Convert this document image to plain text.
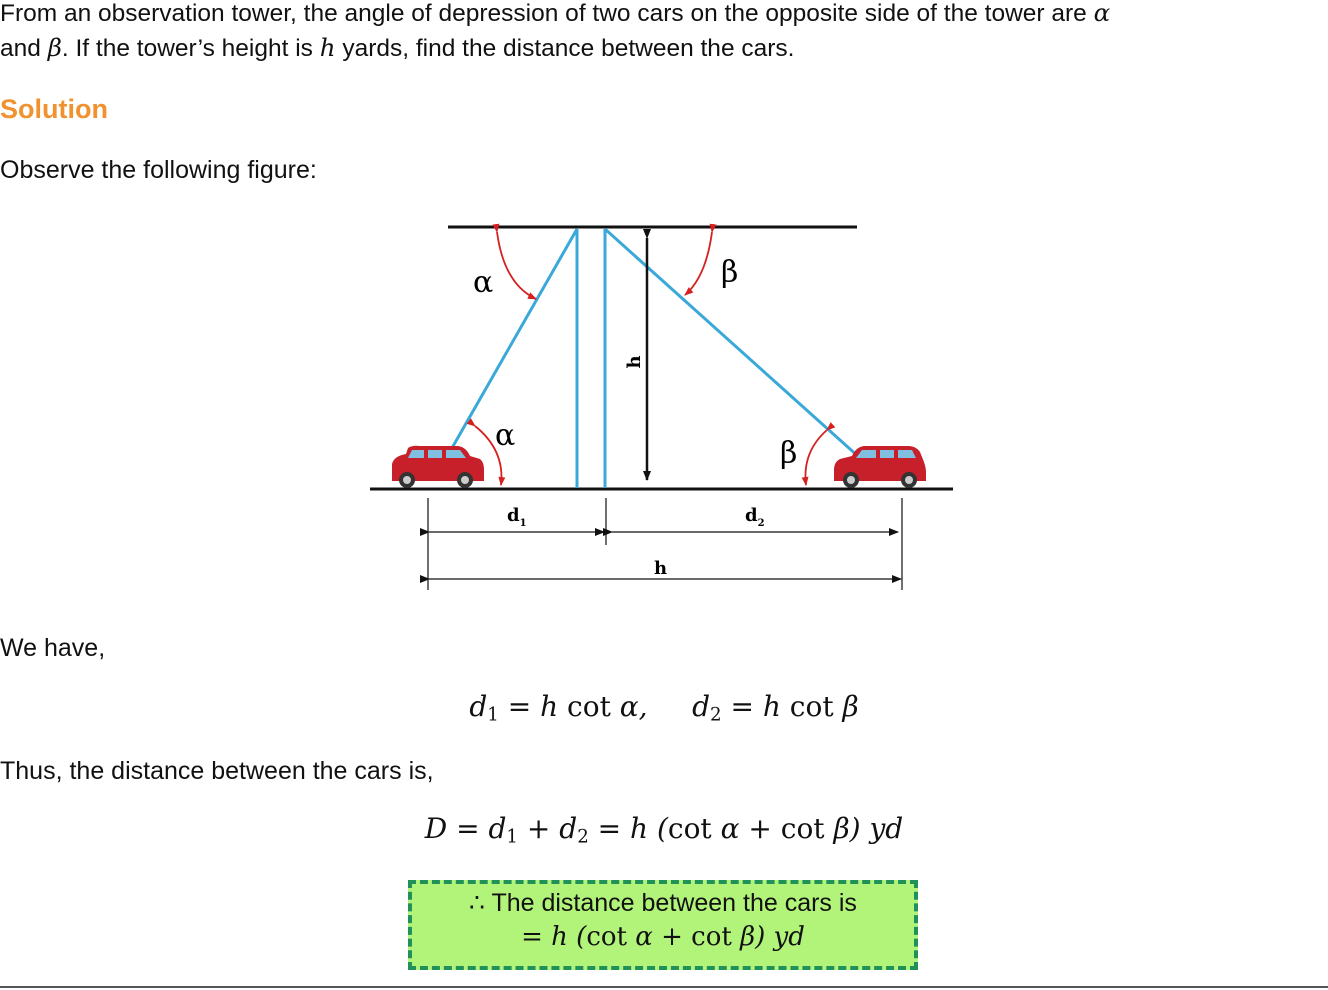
From an observation tower, the angle of depression of two cars on the opposite side of the tower are α
and β. If the tower’s height is h yards, find the distance between the cars.
Solution
Observe the following figure:
h
α	β
α
β
$d_1$	$d_2$
h
We have,
$d_1 = h$ cot α, $d_2 = h$ cot β
Thus, the distance between the cars is,
$D = d_1 + d_2 = h$ (cot α + cot β) yd
∴ The distance between the cars is
= h (cot α + cot β) yd
